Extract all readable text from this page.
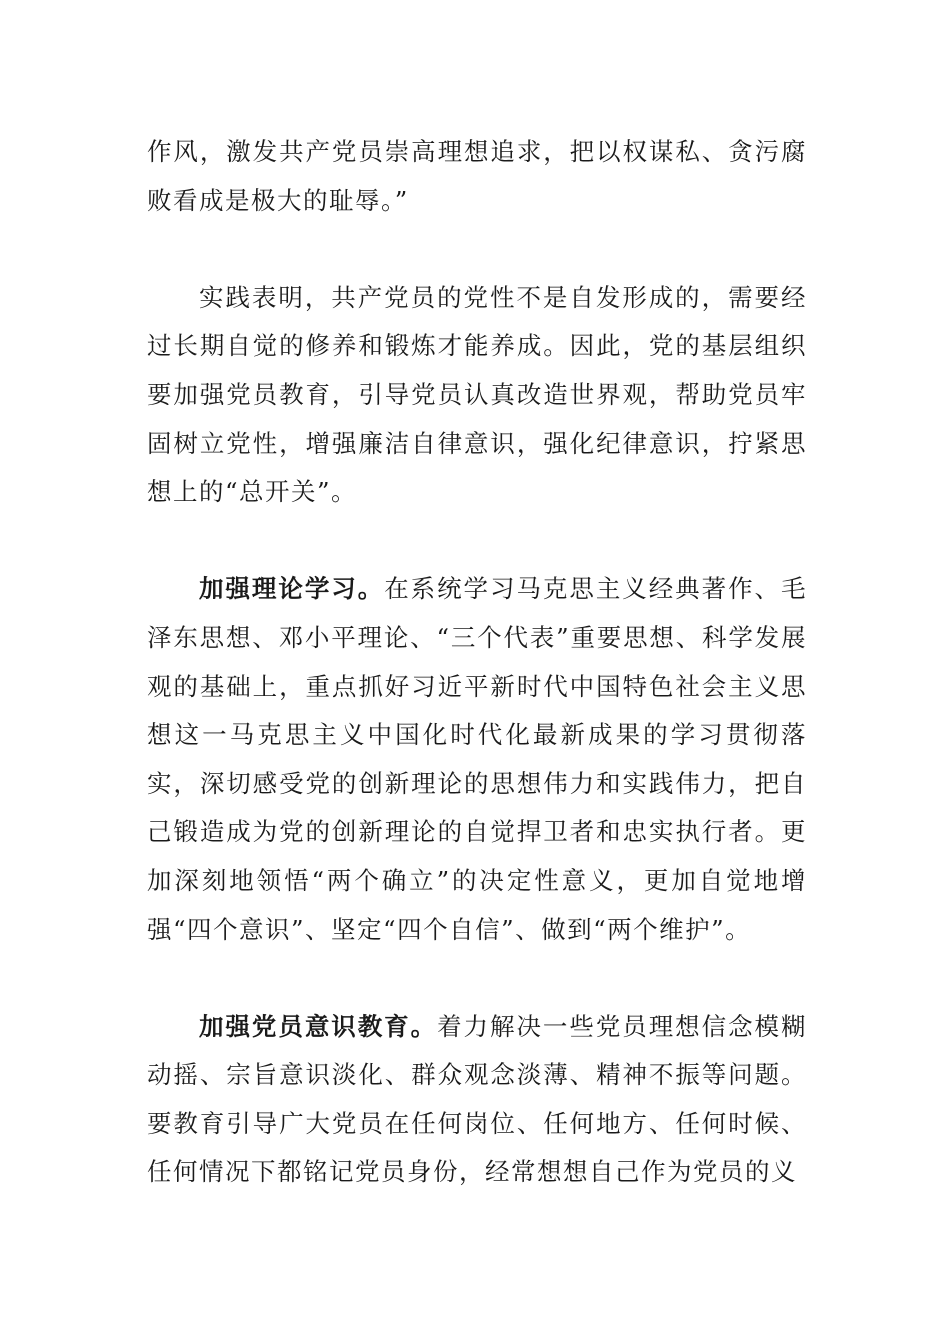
作风，激发共产党员崇高理想追求，把以权谋私、贪污腐败看成是极大的耻辱。”

实践表明，共产党员的党性不是自发形成的，需要经过长期自觉的修养和锻炼才能养成。因此，党的基层组织要加强党员教育，引导党员认真改造世界观，帮助党员牢固树立党性，增强廉洁自律意识，强化纪律意识，拧紧思想上的“总开关”。

加强理论学习。在系统学习马克思主义经典著作、毛泽东思想、邓小平理论、“三个代表”重要思想、科学发展观的基础上，重点抓好习近平新时代中国特色社会主义思想这一马克思主义中国化时代化最新成果的学习贯彻落实，深切感受党的创新理论的思想伟力和实践伟力，把自己锻造成为党的创新理论的自觉捍卫者和忠实执行者。更加深刻地领悟“两个确立”的决定性意义，更加自觉地增强“四个意识”、坚定“四个自信”、做到“两个维护”。

加强党员意识教育。着力解决一些党员理想信念模糊动摇、宗旨意识淡化、群众观念淡薄、精神不振等问题。要教育引导广大党员在任何岗位、任何地方、任何时候、任何情况下都铭记党员身份，经常想想自己作为党员的义
